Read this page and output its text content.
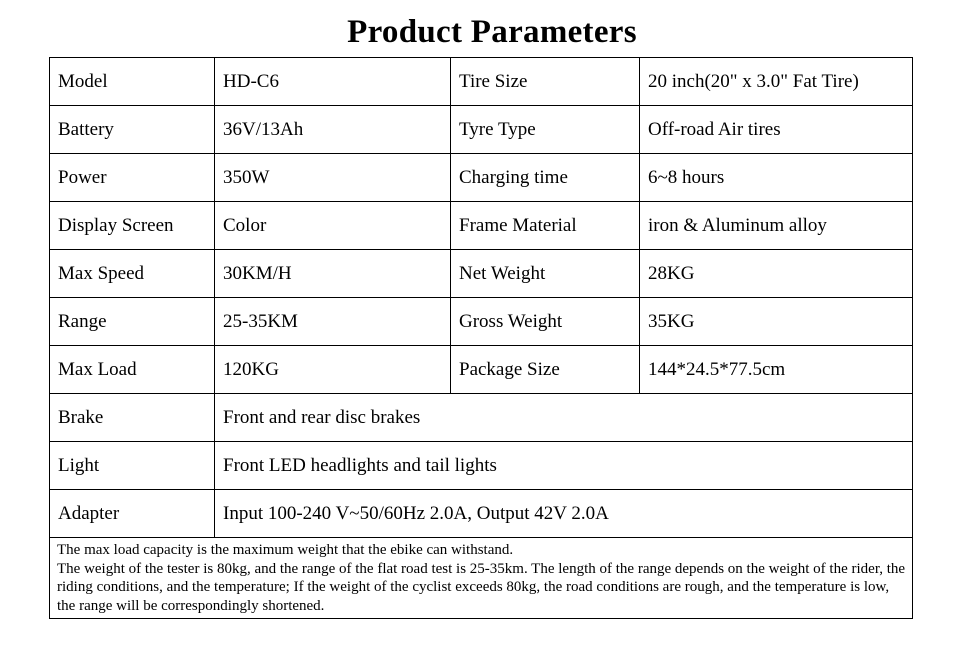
Product Parameters
Model	HD-C6	Tire Size	20 inch(20" x 3.0" Fat Tire)
Battery	36V/13Ah	Tyre Type	Off-road Air tires
Power	350W	Charging time	6~8 hours
Display Screen	Color	Frame Material	iron & Aluminum alloy
Max Speed	30KM/H	Net Weight	28KG
Range	25-35KM	Gross Weight	35KG
Max Load	120KG	Package Size	144*24.5*77.5cm
Brake	Front and rear disc brakes		
Light	Front LED headlights and tail lights		
Adapter	Input 100-240 V~50/60Hz 2.0A, Output 42V 2.0A		

The max load capacity is the maximum weight that the ebike can withstand.
The weight of the tester is 80kg, and the range of the flat road test is 25-35km. The length of the range depends on the weight of the rider, the riding conditions, and the temperature; If the weight of the cyclist exceeds 80kg, the road conditions are rough, and the temperature is low, the range will be correspondingly shortened.			
